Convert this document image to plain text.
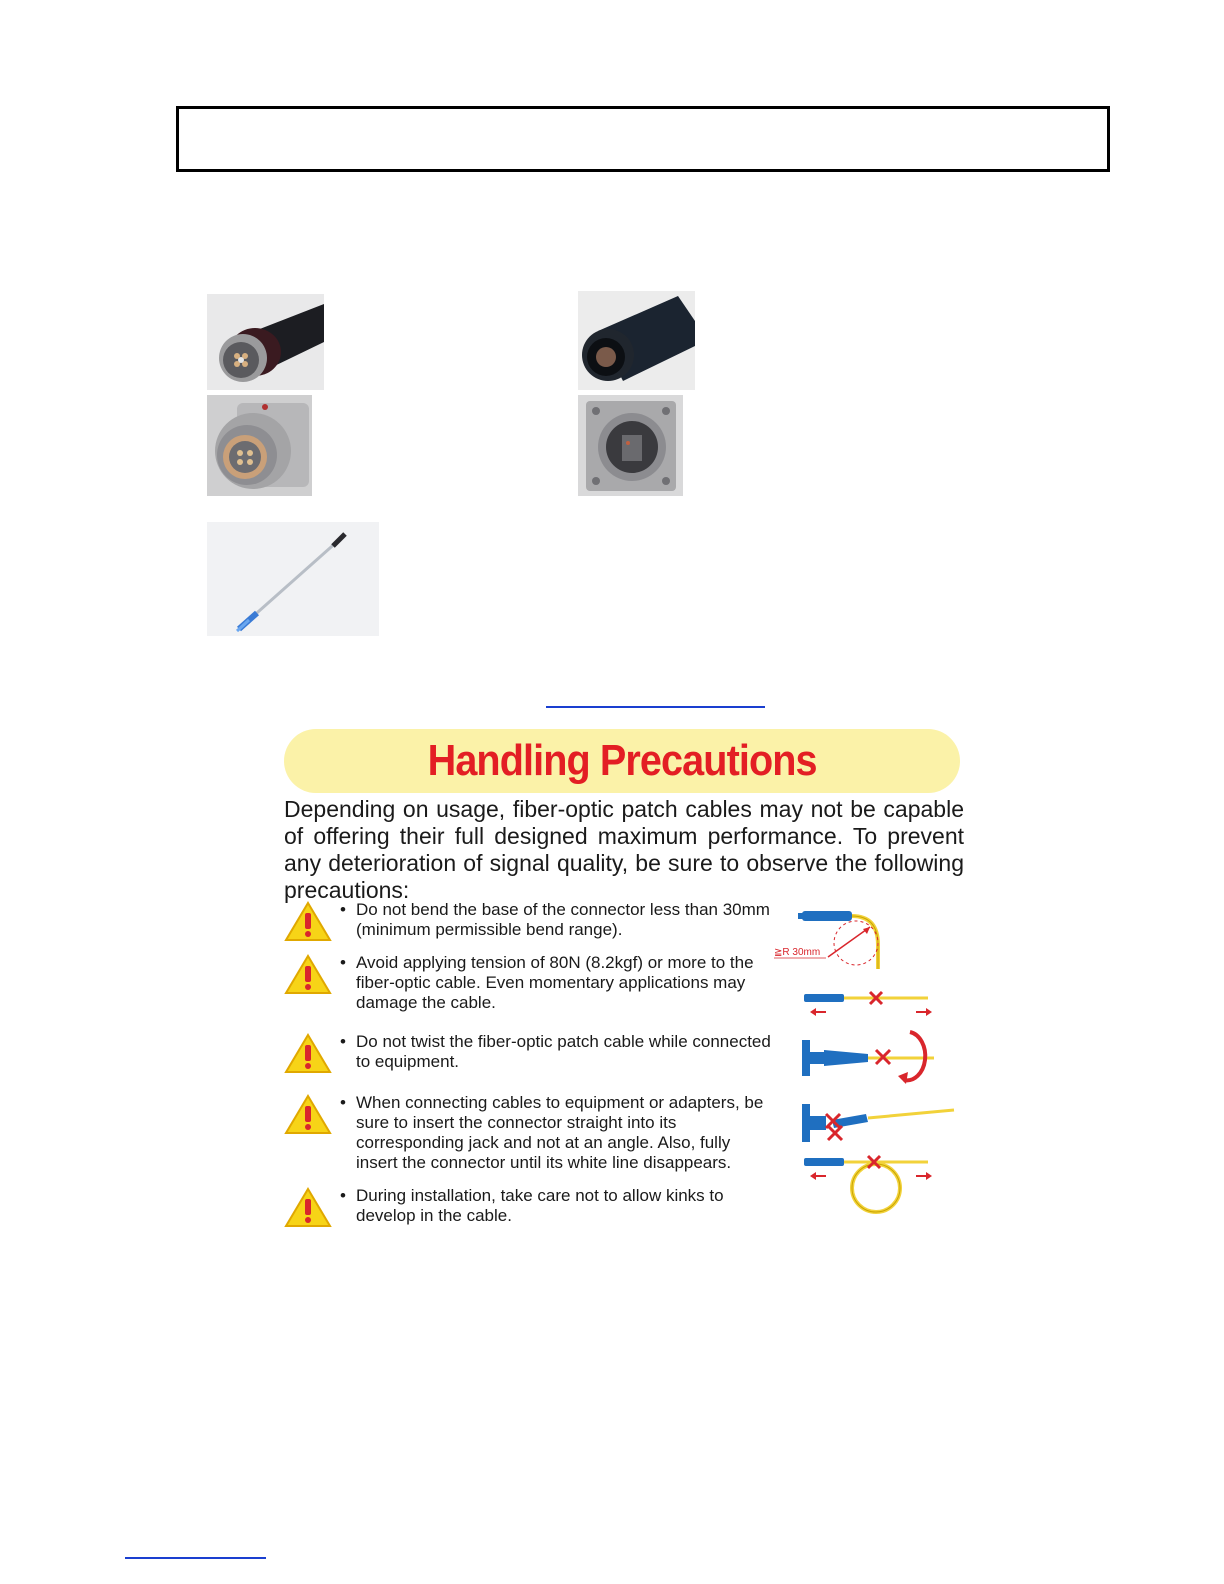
Handling Precautions
Depending on usage, fiber-optic patch cables may not be capable of offering their full designed maximum performance. To prevent any deterioration of signal quality, be sure to observe the following precautions:
• Do not bend the base of the connector less than 30mm (minimum permissible bend range).
• Avoid applying tension of 80N (8.2kgf) or more to the fiber-optic cable. Even momentary applications may damage the cable.
• Do not twist the fiber-optic patch cable while connected to equipment.
• When connecting cables to equipment or adapters, be sure to insert the connector straight into its corresponding jack and not at an angle. Also, fully insert the connector until its white line disappears.
• During installation, take care not to allow kinks to develop in the cable.
≧R 30mm
